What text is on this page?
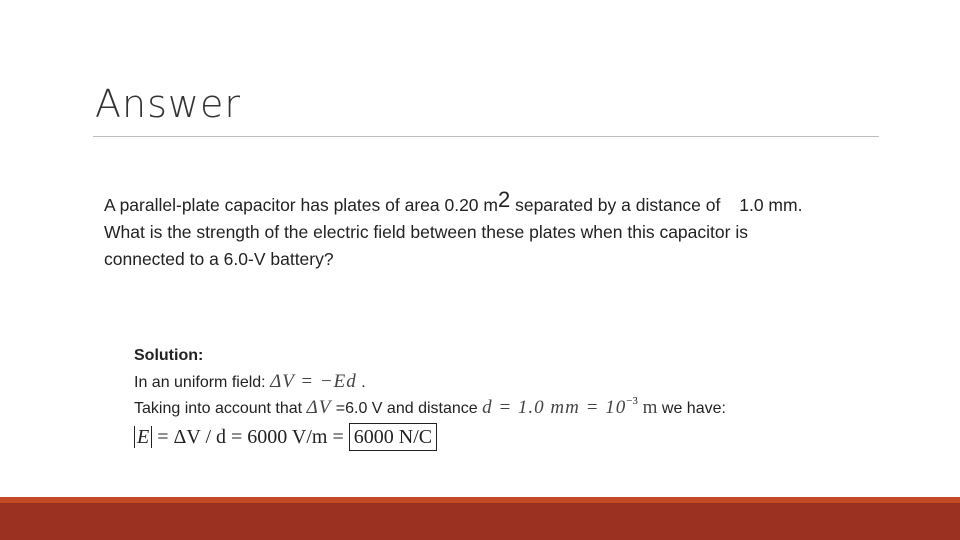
Answer

A parallel-plate capacitor has plates of area 0.20 m2 separated by a distance of 1.0 mm.

What is the strength of the electric field between these plates when this capacitor is

connected to a 6.0-V battery?

Solution:
In an uniform field: ΔV = −Ed .
Taking into account that ΔV =6.0 V and distance d = 1.0 mm = $10^{-3}$ m we have:
E = ΔV / d = 6000 V/m = 6000 N/C
